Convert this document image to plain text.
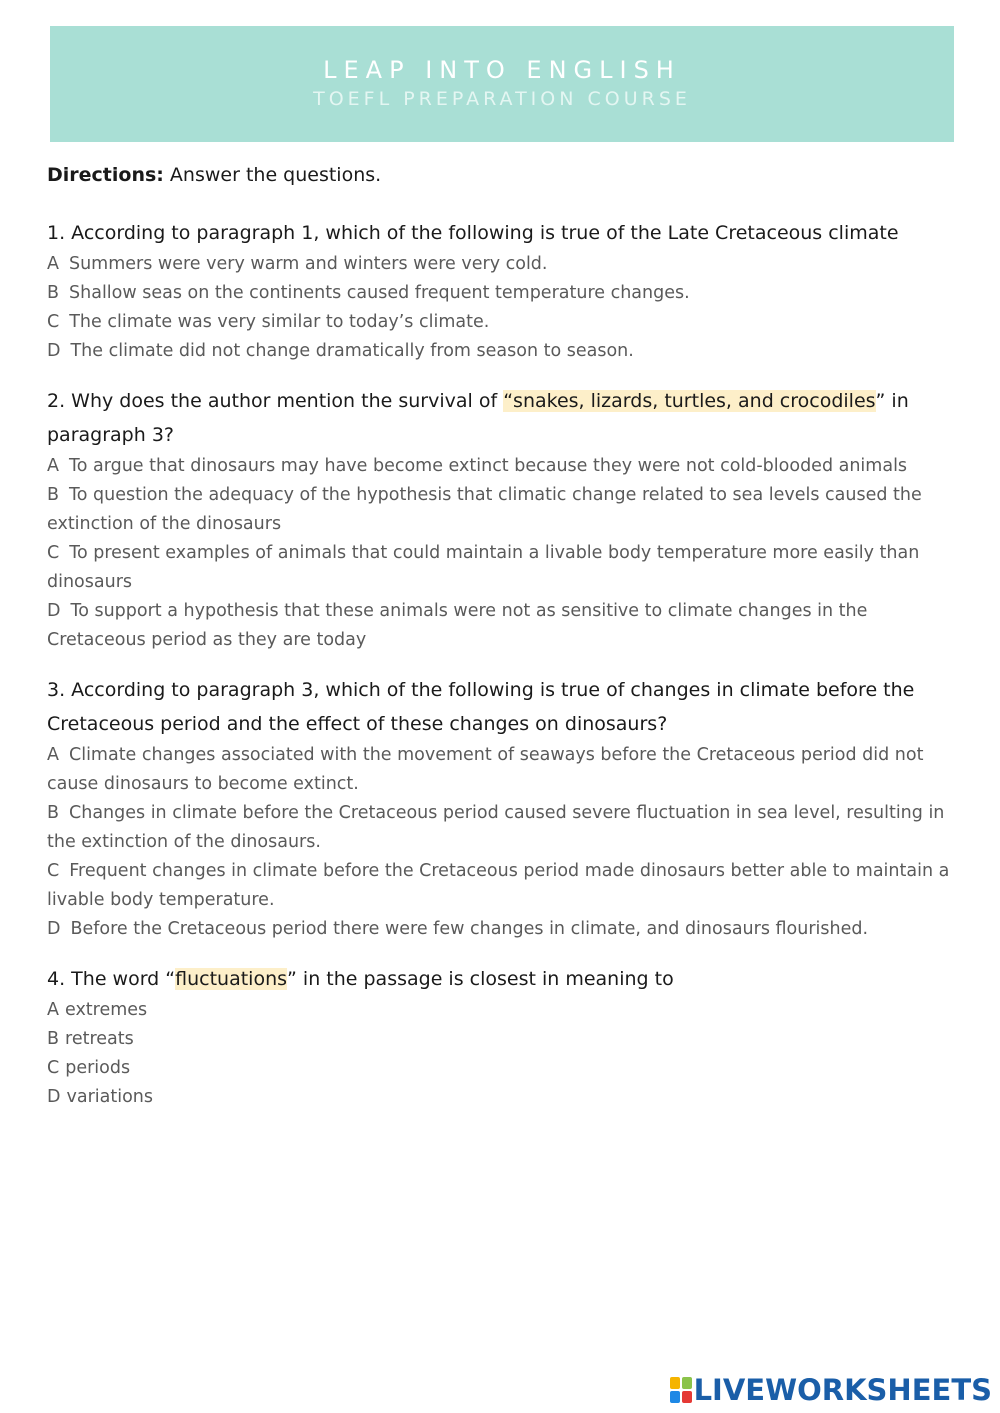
LEAP INTO ENGLISH
TOEFL PREPARATION COURSE

Directions: Answer the questions.

1. According to paragraph 1, which of the following is true of the Late Cretaceous climate

A Summers were very warm and winters were very cold.

B Shallow seas on the continents caused frequent temperature changes.

C The climate was very similar to today’s climate.

D The climate did not change dramatically from season to season.

2. Why does the author mention the survival of “snakes, lizards, turtles, and crocodiles” in paragraph 3?

A To argue that dinosaurs may have become extinct because they were not cold-blooded animals

B To question the adequacy of the hypothesis that climatic change related to sea levels caused the extinction of the dinosaurs

C To present examples of animals that could maintain a livable body temperature more easily than dinosaurs

D To support a hypothesis that these animals were not as sensitive to climate changes in the Cretaceous period as they are today

3. According to paragraph 3, which of the following is true of changes in climate before the Cretaceous period and the effect of these changes on dinosaurs?

A Climate changes associated with the movement of seaways before the Cretaceous period did not cause dinosaurs to become extinct.

B Changes in climate before the Cretaceous period caused severe fluctuation in sea level, resulting in the extinction of the dinosaurs.

C Frequent changes in climate before the Cretaceous period made dinosaurs better able to maintain a livable body temperature.

D Before the Cretaceous period there were few changes in climate, and dinosaurs flourished.

4. The word “fluctuations” in the passage is closest in meaning to

A extremes

B retreats

C periods

D variations

LIVEWORKSHEETS
